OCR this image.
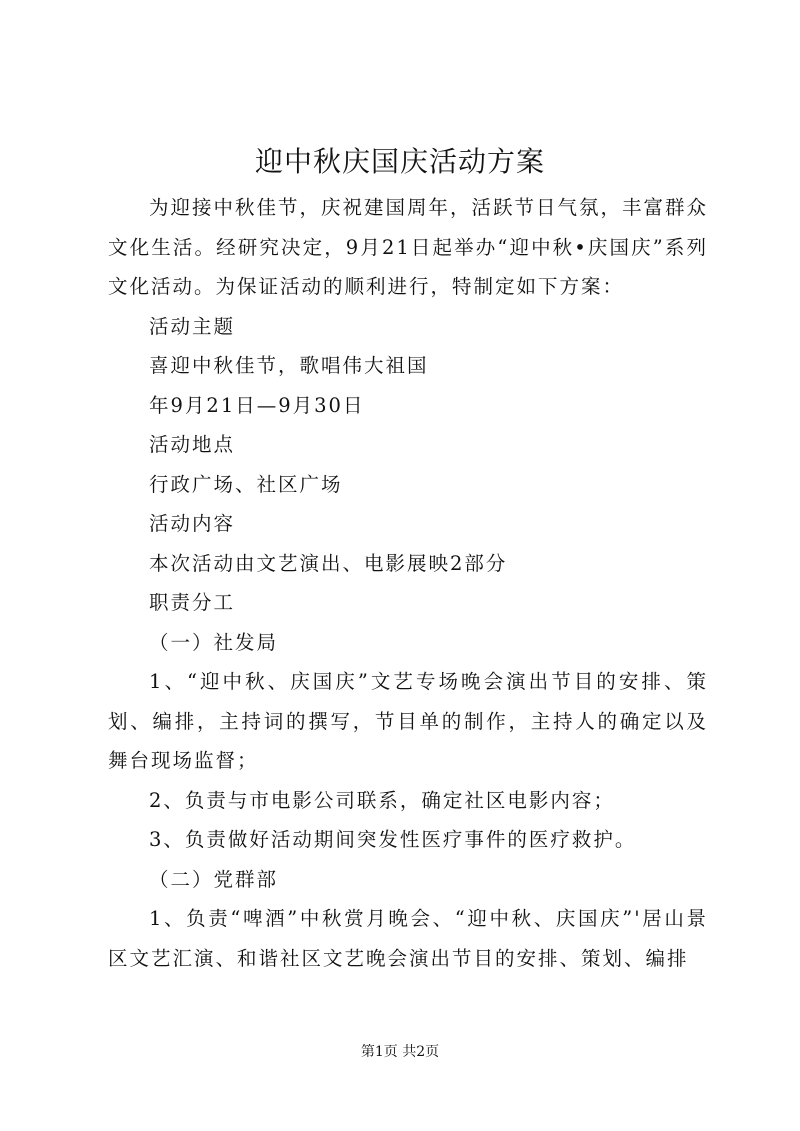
迎中秋庆国庆活动方案

为迎接中秋佳节，庆祝建国周年，活跃节日气氛，丰富群众文化生活。经研究决定，9月21日起举办“迎中秋•庆国庆”系列文化活动。为保证活动的顺利进行，特制定如下方案：

活动主题

喜迎中秋佳节，歌唱伟大祖国

年9月21日—9月30日

活动地点

行政广场、社区广场

活动内容

本次活动由文艺演出、电影展映2部分

职责分工

（一）社发局

1、“迎中秋、庆国庆”文艺专场晚会演出节目的安排、策划、编排，主持词的撰写，节目单的制作，主持人的确定以及舞台现场监督；

2、负责与市电影公司联系，确定社区电影内容；

3、负责做好活动期间突发性医疗事件的医疗救护。

（二）党群部

1、负责“啤酒”中秋赏月晚会、“迎中秋、庆国庆”'居山景区文艺汇演、和谐社区文艺晚会演出节目的安排、策划、编排

第1页 共2页
